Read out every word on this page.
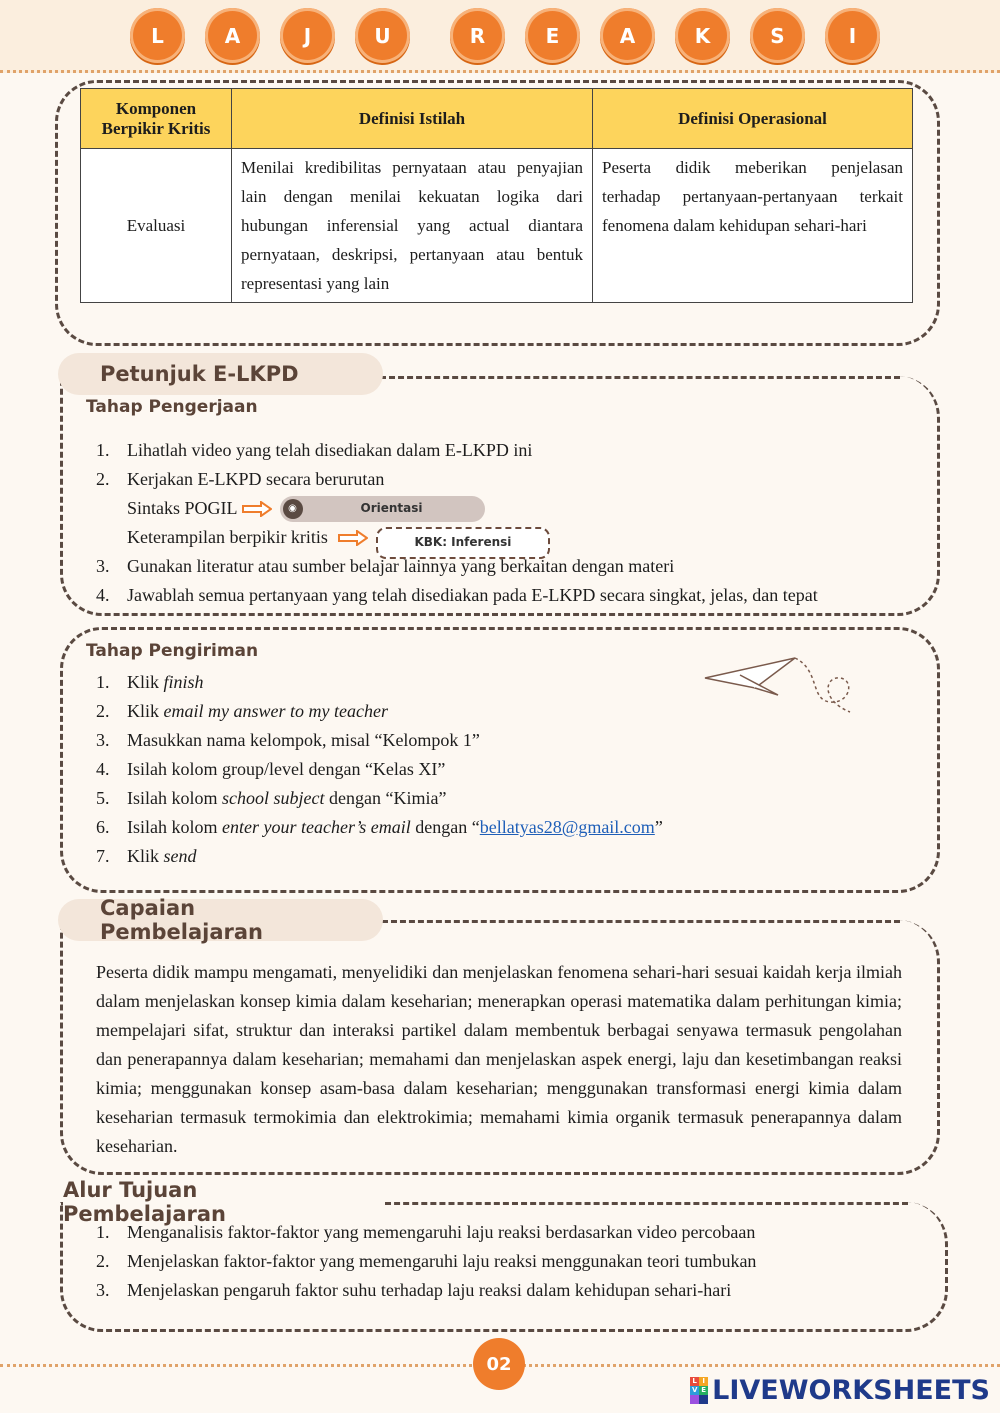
L	A	J	U	R	E	A	K	S	I
Komponen Berpikir Kritis	Definisi Istilah	Definisi Operasional
Evaluasi	Menilai kredibilitas pernyataan atau penyajian lain dengan menilai kekuatan logika dari hubungan inferensial yang actual diantara pernyataan, deskripsi, pertanyaan atau bentuk representasi yang lain	Peserta didik meberikan penjelasan terhadap pertanyaan-pertanyaan terkait fenomena dalam kehidupan sehari-hari
Petunjuk E-LKPD
Tahap Pengerjaan
1. Lihatlah video yang telah disediakan dalam E-LKPD ini
2. Kerjakan E-LKPD secara berurutan
Sintaks POGIL	◉	Orientasi
Keterampilan berpikir kritis	KBK: Inferensi
3. Gunakan literatur atau sumber belajar lainnya yang berkaitan dengan materi
4. Jawablah semua pertanyaan yang telah disediakan pada E-LKPD secara singkat, jelas, dan tepat
Tahap Pengiriman
1. Klik finish
2. Klik email my answer to my teacher
3. Masukkan nama kelompok, misal “Kelompok 1”
4. Isilah kolom group/level dengan “Kelas XI”
5. Isilah kolom school subject dengan “Kimia”
6. Isilah kolom enter your teacher’s email dengan “bellatyas28@gmail.com”
7. Klik send
Capaian Pembelajaran

Peserta didik mampu mengamati, menyelidiki dan menjelaskan fenomena sehari-hari sesuai kaidah kerja ilmiah dalam menjelaskan konsep kimia dalam keseharian; menerapkan operasi matematika dalam perhitungan kimia; mempelajari sifat, struktur dan interaksi partikel dalam membentuk berbagai senyawa termasuk pengolahan dan penerapannya dalam keseharian; memahami dan menjelaskan aspek energi, laju dan kesetimbangan reaksi kimia; menggunakan konsep asam-basa dalam keseharian; menggunakan transformasi energi kimia dalam keseharian termasuk termokimia dan elektrokimia; memahami kimia organik termasuk penerapannya dalam keseharian.

Alur Tujuan Pembelajaran
1. Menganalisis faktor-faktor yang memengaruhi laju reaksi berdasarkan video percobaan
2. Menjelaskan faktor-faktor yang memengaruhi laju reaksi menggunakan teori tumbukan
3. Menjelaskan pengaruh faktor suhu terhadap laju reaksi dalam kehidupan sehari-hari
02
L I
V E LIVEWORKSHEETS
